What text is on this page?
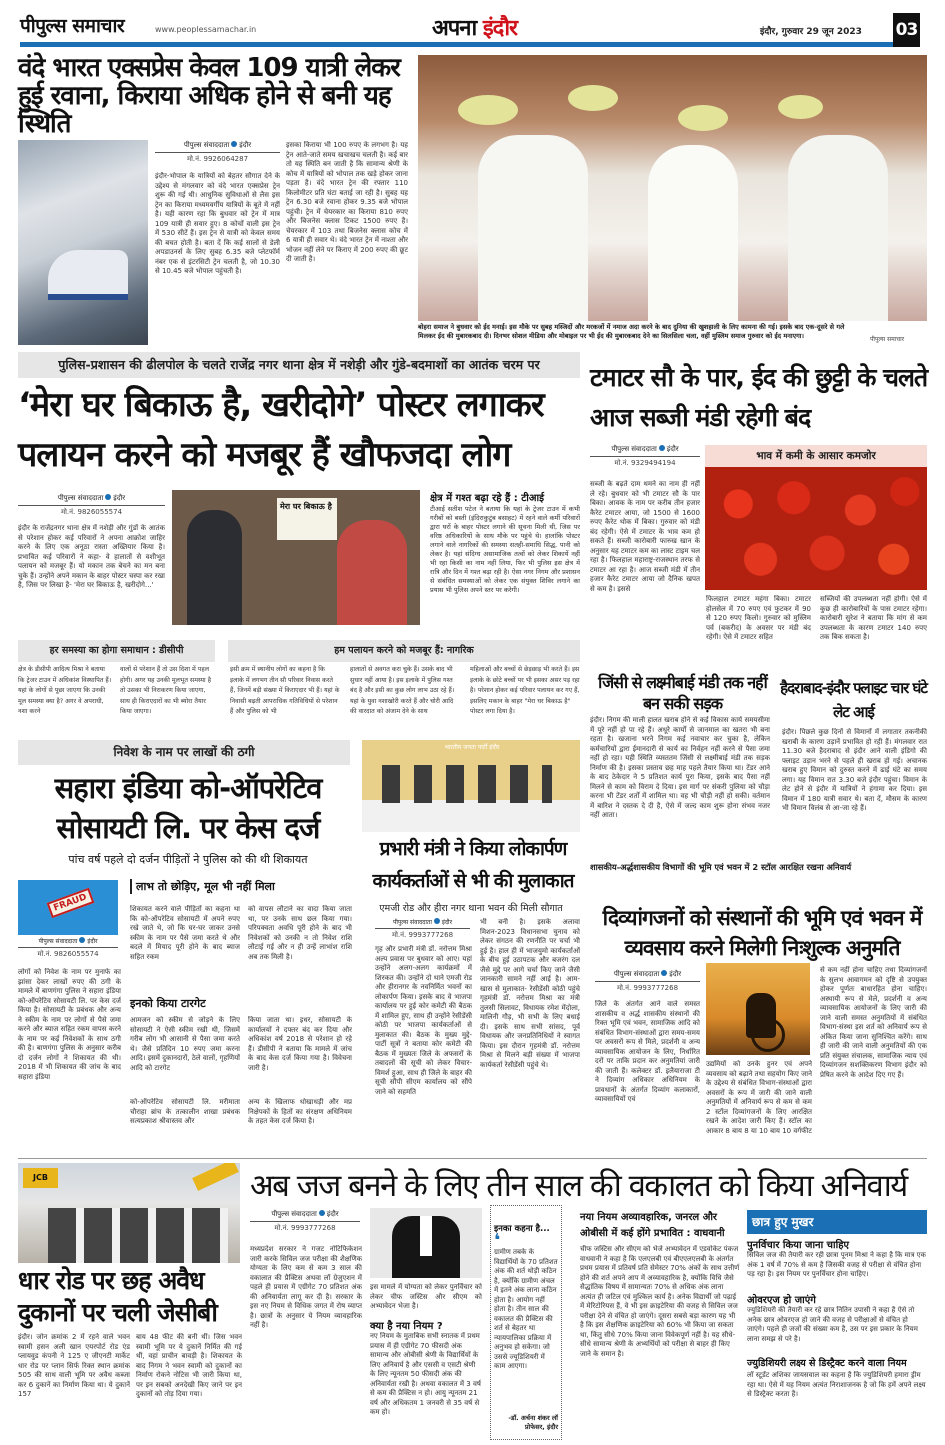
पीपुल्स समाचार	www.peoplessamachar.in	अपना इंदौर	इंदौर, गुरुवार 29 जून 2023 03
वंदे भारत एक्सप्रेस केवल 109 यात्री लेकर हुई रवाना, किराया अधिक होने से बनी यह स्थिति
पीपुल्स संवाददाता इंदौर
मो.नं. 9926064287
इंदौर-भोपाल के यात्रियों को बेहतर सौगात देने के उद्देश्य से मंगलवार को वंदे भारत एक्सप्रेस ट्रेन शुरू की गई थी। आधुनिक सुविधाओं से लैस इस ट्रेन का किराया मध्यमवर्गीय यात्रियों के बूते में नहीं है। यही कारण रहा कि बुधवार को ट्रेन में मात्र 109 यात्री ही सवार हुए। 8 कोचों वाली इस ट्रेन में 530 सीटें हैं। इस ट्रेन से यात्री को केवल समय की बचत होती है। बता दें कि कई सालों से डेली अपडाउनर्स के लिए सुबह 6.35 बजे प्लेटफॉर्म नंबर एक से इंटरसिटी ट्रेन चलती है, जो 10.30 से 10.45 बजे भोपाल पहुंचती है।
इसका किराया भी 100 रुपए के लगभग है। यह ट्रेन आते-जाते समय खचाखच चलती है। कई बार तो यह स्थिति बन जाती है कि सामान्य श्रेणी के कोच में यात्रियों को भोपाल तक खड़े होकर जाना पड़ता है। वंदे भारत ट्रेन की रफ्तार 110 किलोमीटर प्रति घंटा बताई जा रही है। सुबह यह ट्रेन 6.30 बजे रवाना होकर 9.35 बजे भोपाल पहुंची। ट्रेन में चेयरकार का किराया 810 रुपए और बिजनेस क्लास टिकट 1500 रुपए है। चेयरकार में 103 तथा बिजनेस क्लास कोच में 6 यात्री ही सवार थे। वंदे भारत ट्रेन में नाश्ता और भोजन नहीं लेने पर किराए में 200 रुपए की छूट दी जाती है।
बोहरा समाज ने बुधवार को ईद मनाई। इस मौके पर सुबह मस्जिदों और मरकजों में नमाज अदा करने के बाद दुनिया की खुशहाली के लिए कामना की गई। इसके बाद एक-दूसरे से गले मिलकर ईद की मुबारकबाद दी। दिनभर सोशल मीडिया और मोबाइल पर भी ईद की मुबारकबाद देने का सिलसिला चला, वहीं मुस्लिम समाज गुरुवार को ईद मनाएगा।	पीपुल्स समाचार
पुलिस-प्रशासन की ढीलपोल के चलते राजेंद्र नगर थाना क्षेत्र में नशेड़ी और गुंडे-बदमाशों का आतंक चरम पर
‘मेरा घर बिकाऊ है, खरीदोगे’ पोस्टर लगाकर पलायन करने को मजबूर हैं खौफजदा लोग
पीपुल्स संवाददाता इंदौर
मो.नं. 9826055574
इंदौर के राजेंद्रनगर थाना क्षेत्र में नशेड़ी और गुंडों के आतंक से परेशान होकर कई परिवारों ने अपना आक्रोश जाहिर करने के लिए एक अनूठा रास्ता अख्तियार किया है। प्रभावित कई परिवारों ने कहा- वे हालातों से वशीभूत पलायन को मजबूर हैं। यो मकान तक बेचने का मन बना चुके हैं। उन्होंने अपने मकान के बाहर पोस्टर चस्पा कर रखा है, जिस पर लिखा है- 'मेरा घर बिकाऊ है, खरीदोगे...'
मेरा घर बिकाऊ है
क्षेत्र में गश्त बढ़ा रहे हैं : टीआई
टीआई सतीश पटेल ने बताया कि यहां के ट्रेजर टाउन में कभी गरीबों को बस्ती (इंदिराकुटुंब बसाहट) में रहने वाले कर्मी परिवारों द्वारा घरों के बाहर पोस्टर लगाने की सूचना मिली थी, जिस पर वरिष्ठ अधिकारियों के साथ मौके पर पहुंचे थे। हालांकि पोस्टर लगाने वाले नागरिकों की समस्या सतही-समाधि सिद्ध, पानी को लेकर है। यहां संदिग्ध असामाजिक तत्वों को लेकर शिकायें नहीं भी रहा किसी का नाम नहीं लिया, फिर भी पुलिस इस क्षेत्र में रात्रि और दिन में गश्त बढ़ा रही है। ऐसा नगर निगम और प्रशासन से संबंधित समस्याओं को लेकर एक संयुक्त शिविर लगाने का प्रयास भी पुलिस अपने स्तर पर करेगी।
हर समस्या का होगा समाधान : डीसीपी
क्षेत्र के डीसीपी आदित्य मिश्रा ने बताया कि ट्रेजर टाउन में अधिकांश विस्थापित हैं। यहां के लोगों से पूछा जाएगा कि उनकी मूल समस्या क्या है? अगर वे अपराधी, नशा करने
वालों से परेशान हैं तो उस दिशा में पहल होगी। अगर यह उनकी मूलभूत समस्या है तो उसका भी निराकरण किया जाएगा, साथ ही किराएदारों का भी ब्योरा तैयार किया जाएगा।
हम पलायन करने को मजबूर हैं: नागरिक
इसी क्रम में स्थानीय लोगों का कहना है कि इलाके में लगभग तीन सौ परिवार निवास करते हैं, जिनमें बड़ी संख्या में किराएदार भी हैं। यहां के निवासी बढ़ती आपराधिक गतिविधियों से परेशान हैं और पुलिस को भी
हालातों से अवगत करा चुके हैं। उसके बाद भी सुधार नहीं आया है। इस इलाके में पुलिस गश्त बंद है और इसी का कुछ लोग लाभ उठा रहे हैं। यहां के युवा नशाखोरी करते हैं और चोरी आदि की वारदात को अंजाम देने के साथ
महिलाओं और बच्चों से छेड़छाड़ भी करते हैं। इस इलाके के छोटे बच्चों पर भी इसका असर पड़ रहा है। परेशान होकर कई परिवार पलायन कर गए हैं, इसलिए मकान के बाहर "मेरा घर बिकाऊ है" पोस्टर लगा दिया है।
टमाटर सौ के पार, ईद की छुट्टी के चलते आज सब्जी मंडी रहेगी बंद
पीपुल्स संवाददाता इंदौर
मो.नं. 9329494194
भाव में कमी के आसार कमजोर
सब्जी के बढ़ते दाम थमने का नाम ही नहीं ले रहे। बुधवार को भी टमाटर सौ के पार बिका। आवक के नाम पर करीब तीन हजार कैरेट टमाटर आया, जो 1500 से 1600 रुपए कैरेट थोक में बिका। गुरुवार को मंडी बंद रहेगी। ऐसे में टमाटर के भाव कम हो सकते हैं। सब्जी कारोबारी फारुख खान के अनुसार यह टमाटर कम का लास्ट टाइम चल रहा है। फिलहाल महाराष्ट्र-राजस्थान तरफ से टमाटर आ रहा है। आज सब्जी मंडी में तीन हजार कैरेट टमाटर आया जो दैनिक खपत से कम है। इससे
फिलहाल टमाटर महंगा बिका। टमाटर होलसेल में 70 रुपए एवं फुटकर में 90 से 120 रुपए किलो। गुरुवार को मुस्लिम पर्व (बकरीद) के अवसर पर मंडी बंद रहेगी। ऐसे में टमाटर सहित
सब्जियों की उपलब्धता नहीं होगी। ऐसे में कुछ ही कारोबारियों के पास टमाटर रहेगा। कारोबारी सुरेश ने बताया कि मांग से कम उपलब्धता के कारण टमाटर 140 रुपए तक बिक सकता है।
जिंसी से लक्ष्मीबाई मंडी तक नहीं बन सकी सड़क
इंदौर। निगम की माली हालत खराब होने से कई विकास कार्य समयसीमा में पूरे नहीं हो पा रहे हैं। अधूरे कार्यों से जानमाल का खतरा भी बना रहता है। खजाना भरने निगम कई नवाचार कर चुका है, लेकिन कर्मचारियों द्वारा ईमानदारी से कार्य का निर्वहन नहीं करने से पैसा जमा नहीं हो रहा। यही स्थिति व्यस्ततम जिंसी से लक्ष्मीबाई मंडी तक सड़क निर्माण की है। इसका प्रस्ताव छह माह पहले तैयार किया था। टेंडर आने के बाद ठेकेदार ने 5 प्रतिशत कार्य पूरा किया, इसके बाद पैसा नहीं मिलने से काम को विराम दे दिया। इस मार्ग पर संकरी पुलिया को चौड़ा करना भी टेंडर शर्तों में शामिल था। वह भी चौड़ी नहीं हो सकी। वर्तमान में बारिश ने दस्तक दे दी है, ऐसे में जल्द काम शुरू होना संभव नजर नहीं आता।
हैदराबाद-इंदौर फ्लाइट चार घंटे लेट आई
इंदौर। पिछले कुछ दिनों से विमानों में लगातार तकनीकी खराबी के कारण उड़ानें प्रभावित हो रही हैं। मंगलवार रात 11.30 बजे हैदराबाद से इंदौर आने वाली इंडिगो की फ्लाइट उड़ान भरने से पहले ही खराब हो गई। अचानक खराब हुए विमान को दुरुस्त करने में ढाई घंटे का समय लगा। यह विमान रात 3.30 बजे इंदौर पहुंचा। विमान के लेट होने से इंदौर में यात्रियों ने हंगामा कर दिया। इस विमान में 180 यात्री सवार थे। बता दें, मौसम के कारण भी विमान विलंब से आ-जा रहे हैं।
निवेश के नाम पर लाखों की ठगी
सहारा इंडिया को-ऑपरेटिव सोसायटी लि. पर केस दर्ज
पांच वर्ष पहले दो दर्जन पीड़ितों ने पुलिस को की थी शिकायत
FRAUD
पीपुल्स संवाददाता इंदौर
मो.नं. 9826055574
लोगों को निवेश के नाम पर मुनाफे का झांसा देकर लाखों रुपए की ठगी के मामले में बाणगंगा पुलिस ने सहारा इंडिया को-ऑपरेटिव सोसायटी लि. पर केस दर्ज किया है। सोसायटी के प्रबंधक और अन्य ने स्कीम के नाम पर लोगों से पैसे जमा करने और ब्याज सहित रकम वापस करने के नाम पर कई निवेशकों के साथ ठगी की है। बाणगंगा पुलिस के अनुसार करीब दो दर्जन लोगों ने शिकायत की थी। 2018 में भी शिकायत की जांच के बाद सहारा इंडिया
लाभ तो छोड़िए, मूल भी नहीं मिला
शिकायत करने वाले पीड़ितों का कहना था कि को-ऑपरेटिव सोसायटी में अपने रुपए रखे जाते थे, जो कि घर-घर जाकर उनसे स्कीम के नाम पर पैसे जमा करते थे और बदले में मियाद पूरी होने के बाद ब्याज सहित रकम
को वापस लौटाने का वादा किया जाता था, पर उनके साथ छल किया गया। परिपक्वता अवधि पूरी होने के बाद भी निवेशकों को उनकी न तो निवेश राशि लौटाई गई और न ही उन्हें लाभांश राशि अब तक मिली है।
इनको किया टारगेट
आमजन को स्कीम से जोड़ने के लिए सोसायटी ने ऐसी स्कीम रखी थी, जिसमें गरीब लोग भी आसानी से पैसा जमा करते थे। जैसे प्रतिदिन 10 रुपए जमा करना आदि। इसमें दुकानदारों, ठेले वालों, गृहणियों आदि को टारगेट
किया जाता था। इधर, सोसायटी के कार्यालयों ने दफ्तर बंद कर दिया और अधिकांश वर्ष 2018 से परेशान हो रहे हैं। डीसीपी ने बताया कि मामले में जांच के बाद केस दर्ज किया गया है। विवेचना जारी है।
को-ऑपरेटिव सोसायटी लि. मरीमाता चौराहा ब्रांच के तत्कालीन शाखा प्रबंधक सत्यप्रकाश श्रीवास्तव और
अन्य के खिलाफ धोखाधड़ी और मप्र निक्षेपकों के हितों का संरक्षण अधिनियम के तहत केस दर्ज किया है।
भारतीय जनता पार्टी इंदौर
प्रभारी मंत्री ने किया लोकार्पण कार्यकर्ताओं से भी की मुलाकात
एमजी रोड और हीरा नगर थाना भवन की मिली सौगात
पीपुल्स संवाददाता इंदौर
मो.नं. 9993777268
गृह और प्रभारी मंत्री डॉ. नरोत्तम मिश्रा अल्प प्रवास पर बुधवार को आए। यहां उन्होंने अलग-अलग कार्यक्रमों में शिरकत की। उन्होंने दो थाने एमजी रोड और हीरानगर के नवनिर्मित भवनों का लोकार्पण किया। इसके बाद वे भाजपा कार्यालय पर हुई कोर कमेटी की बैठक में शामिल हुए, साथ ही उन्होंने रेसीडेंसी कोठी पर भाजपा कार्यकर्ताओं से मुलाकात की। बैठक के मुख्य मुद्दे- पार्टी सूत्रों ने बताया कोर कमेटी की बैठक में मुख्यतः जिले के अफसरों के तबादलों की सूची को लेकर विचार-विमर्श हुआ, साथ ही जिले के बाहर की सूची सौंपी सीएम कार्यालय को सौंपे जाने को सहमति
भी बनी है। इसके अलावा मिशन-2023 विधानसभा चुनाव को लेकर संगठन की रणनीति पर चर्चा भी हुई है। हाल ही में भाजयुमो कार्यकर्ताओं के बीच हुई उठापटक और बजरंग दल जैसे मुद्दे पर आगे चर्चा किए जाने जैसी जानकारी सामने नहीं आई है। आम-खास से मुलाकात- रेसीडेंसी कोठी पहुंचे गृहमंत्री डॉ. नरोत्तम मिश्रा का मंत्री तुलसी सिलावट, विधायक रमेश मेंदोला, मालिनी गौड़, भी सभी के लिए बधाई दी। इसके साथ सभी सांसद, पूर्व विधायक और जनप्रतिनिधियों ने स्वागत किया। इस दौरान गृहमंत्री डॉ. नरोत्तम मिश्रा से मिलने बड़ी संख्या में भाजपा कार्यकर्ता रेसीडेंसी पहुंचे थे।
शासकीय-अर्द्धशासकीय विभागों की भूमि एवं भवन में 2 स्टॉल आरक्षित रखना अनिवार्य
दिव्यांगजनों को संस्थानों की भूमि एवं भवन में व्यवसाय करने मिलेगी निःशुल्क अनुमति
पीपुल्स संवाददाता इंदौर
मो.नं. 9993777268
जिले के अंतर्गत आने वाले समस्त शासकीय व अर्द्ध शासकीय संस्थानों की रिक्त भूमि एवं भवन, सामाजिक आदि को संबंधित विभाग-संस्थाओं द्वारा समय-समय पर अवसरों रूप से मिले, प्रदर्शनी व अन्य व्यावसायिक आयोजन के लिए, निर्धारित दरों पर ताकि प्रदान कर अनुमतियां जारी की जाती हैं। कलेक्टर डॉ. इलैयाराजा टी ने दिव्यांग अधिकार अधिनियम के प्रावधानों के अंतर्गत दिव्यांग कलाकारों, व्यावसायियों एवं
उद्यमियों को उनके हुनर एवं अपने व्यवसाय को बढ़ाने तथा सहयोग किए जाने के उद्देश्य से संबंधित विभाग-संस्थाओं द्वारा अवसरों के रूप में जारी की जाने वाली अनुमतियों में अनिवार्य रूप से कम से कम 2 स्टॉल दिव्यांगजनों के लिए आरक्षित रखने के आदेश जारी किए हैं। स्टॉल का आकार 8 बाय 8 या 10 बाय 10 वर्गफीट
से कम नहीं होना चाहिए तथा दिव्यांगजनों के सुलभ आवागमन को दृष्टि से उपयुक्त होकर पूर्णतः बाधारहित होना चाहिए। अस्थायी रूप से मेले, प्रदर्शनी व अन्य व्यावसायिक आयोजनों के लिए जारी की जाने वाली समस्त अनुमतियों में संबंधित विभाग-संस्था इस शर्त को अनिवार्य रूप से अंकित किया जाना सुनिश्चित करेंगे। साथ ही जारी की जाने वाली अनुमतियों की एक प्रति संयुक्त संचालक, सामाजिक न्याय एवं दिव्यांगजन सशक्तिकरण विभाग इंदौर को प्रेषित करने के आदेश दिए गए हैं।
JCB
धार रोड पर छह अवैध दुकानों पर चली जेसीबी
इंदौर। जोन क्रमांक 2 में रहने वाले भवन स्वामी हसन अली खान एयरपोर्ट रोड एंड प्लायवुड कंपनी ने 125 ए जीएनटी मार्केट धार रोड पर प्लान सिर्फ रिक्त स्थान क्रमांक 505 की साथ वाली भूमि पर अवैध कब्जा कर 6 दुकानें का निर्माण किया था। ये दुकानें 157
बाय 48 फीट की बनी थीं। जिस भवन स्वामी भूमि पर ये दुकानें निर्मित की गई थीं, वहां प्राचीन बावड़ी है। शिकायत के बाद निगम ने भवन स्वामी को दुकानों का निर्माण रोकने नोटिस भी जारी किया था, पर इन सबको अनदेखी किए जाने पर इन दुकानों को तोड़ दिया गया।
अब जज बनने के लिए तीन साल की वकालत को किया अनिवार्य
पीपुल्स संवाददाता इंदौर
मो.नं. 9993777268
मध्यप्रदेश सरकार ने गजट नोटिफिकेशन जारी करके सिविल जज परीक्षा की शैक्षणिक योग्यता के लिए कम से कम 3 साल की वकालात की प्रैक्टिस अथवा लॉ ग्रेजुएशन में पहले ही प्रयास में एग्रीगेट 70 प्रतिशत अंक की अनिवार्यता लागू कर दी है। सरकार के इस नए नियम से विधिक जगत में रोष व्याप्त है। छात्रों के अनुसार ये नियम व्यावहारिक नहीं है।
इस मामले में योग्यता को लेकर पुनर्विचार को लेकर चीफ जस्टिस और सीएम को अभ्यावेदन भेजा है।
क्या है नया नियम ?
नए नियम के मुताबिक सभी स्नातक में प्रथम प्रयास में ही एग्रीगेट 70 फीसदी अंक सामान्य और ओबीसी श्रेणी के विद्यार्थियों के लिए अनिवार्य है और एससी व एसटी श्रेणी के लिए न्यूनतम 50 फीसदी अंक की अनिवार्यता रखी है। अथवा वकालत में 3 वर्ष से कम की प्रैक्टिस न हो। आयु न्यूनतम 21 वर्ष और अधिकतम 1 जनवरी से 35 वर्ष से कम हो।
इनका कहना है...
❛
ग्रामीण तबके के विद्यार्थियों के 70 प्रतिशत अंक की शर्त थोड़ी कठिन है, क्योंकि ग्रामीण अंचल में इतने अंक लाना कठिन होता है। आयोग नहीं होता है। तीन साल की वकालत की प्रैक्टिस की शर्त से बेहतर था न्यायपालिका प्रक्रिया में अनुभव हो सकेगा। जो उससे ज्यूडिशियरी में काम आएगा।
-डॉ. अर्चना शंकर लॉ प्रोफेसर, इंदौर
नया नियम अव्यावहारिक, जनरल और ओबीसी में कई होंगे प्रभावित : वाधवानी
चीफ जस्टिस और सीएम को भेजे अभ्यावेदन में एडवोकेट पंकज वाधवानी ने कहा है कि एलएलबी एवं बीएएलएलबी के अंतर्गत प्रथम प्रयास में प्रतिवर्ष प्रति सेमेस्टर 70% अंकों के साथ उत्तीर्ण होने की शर्त अपने आप में अव्यावहारिक है, क्योंकि विधि जैसे सैद्धांतिक विषय में सामान्यतः 70% से अधिक अंक लाना अत्यंत ही जटिल एवं मुश्किल कार्य है। अनेक विद्यार्थी जो पढ़ाई में मेरिटोरियस हैं, वे भी इस क्राइटेरिया की वजह से सिविल जज परीक्षा देने से वंचित हो जाएंगे। दूसरा सबसे बड़ा कारण यह भी है कि इस शैक्षणिक क्राइटेरिया को 60% भी किया जा सकता था, किंतु सीधे 70% किया जाना विवेकपूर्ण नहीं है। यह सीधे-सीधे सामान्य श्रेणी के अभ्यर्थियों को परीक्षा से बाहर ही किए जाने के समान है।
छात्र हुए मुखर
पुनर्विचार किया जाना चाहिए
सिविल जज की तैयारी कर रही छात्रा पूनम मिश्रा ने कहा है कि मात्र एक अंक 1 वर्ष में 70% से कम है जिसकी वजह से परीक्षा से वंचित होना पड़ रहा है। इस नियम पर पुनर्विचार होना चाहिए।
ओवरएज हो जाएंगे
ज्युडिशियरी की तैयारी कर रहे छात्र नितिन उपासी ने कहा है ऐसे तो अनेक छात्र ओवरएज हो जाने की वजह से परीक्षाओं से वंचित हो जाएंगे। पहले ही जजों की संख्या कम है, उस पर इस प्रकार के नियम लाना समझ से परे है।
ज्युडिशियरी लक्ष्य से डिस्ट्रैक्ट करने वाला नियम
लॉ स्टूडेंट अशिका जायसवाल का कहना है कि ज्युडिशियरी हमारा ड्रीम रहा था। ऐसे में यह नियम अत्यंत निराशाजनक है जो कि हमें अपने लक्ष्य से डिस्ट्रैक्ट करता है।
